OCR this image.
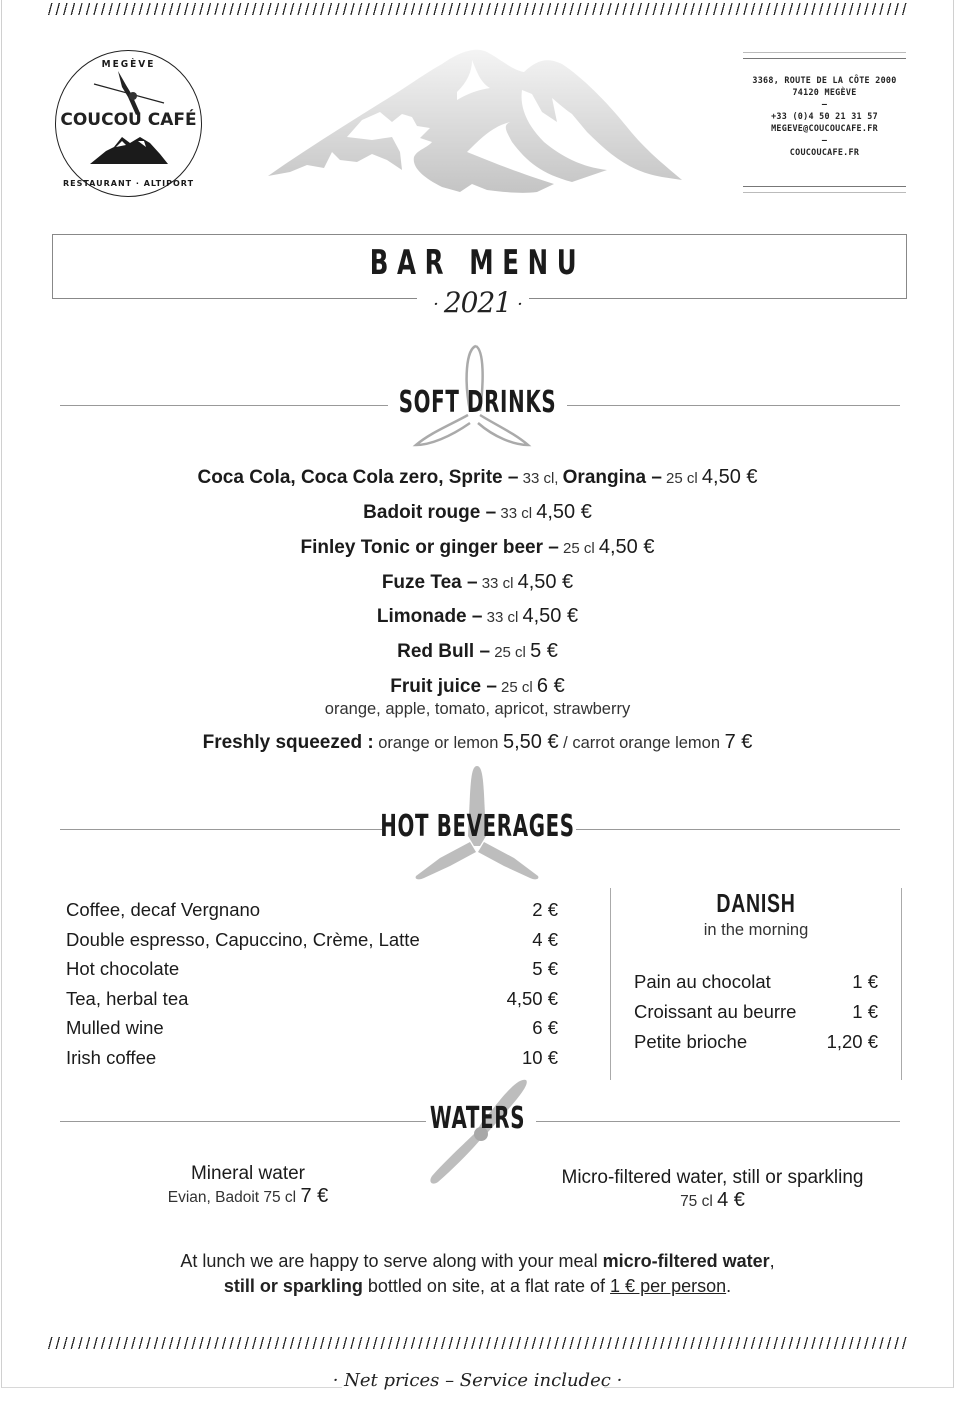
MEGÈVE
COUCOU CAFÉ
RESTAURANT · ALTIPORT
3368, ROUTE DE LA CÔTE 2000
74120 MEGÈVE
–
+33 (0)4 50 21 31 57
MEGEVE@COUCOUCAFE.FR
–
COUCOUCAFE.FR
BAR MENU
· 2021 ·
SOFT DRINKS
Coca Cola, Coca Cola zero, Sprite – 33 cl, Orangina – 25 cl 4,50 €
Badoit rouge – 33 cl 4,50 €
Finley Tonic or ginger beer – 25 cl 4,50 €
Fuze Tea – 33 cl 4,50 €
Limonade – 33 cl 4,50 €
Red Bull – 25 cl 5 €
Fruit juice – 25 cl 6 €
orange, apple, tomato, apricot, strawberry
Freshly squeezed : orange or lemon 5,50 € / carrot orange lemon 7 €
HOT BEVERAGES
Coffee, decaf Vergnano	2 €
Double espresso, Capuccino, Crème, Latte	4 €
Hot chocolate	5 €
Tea, herbal tea	4,50 €
Mulled wine	6 €
Irish coffee	10 €
DANISH
in the morning
Pain au chocolat	1 €
Croissant au beurre	1 €
Petite brioche	1,20 €
WATERS
Mineral water
Evian, Badoit 75 cl 7 €
Micro-filtered water, still or sparkling
75 cl 4 €
At lunch we are happy to serve along with your meal micro-filtered water,
still or sparkling bottled on site, at a flat rate of 1 € per person.
· Net prices – Service includec ·
